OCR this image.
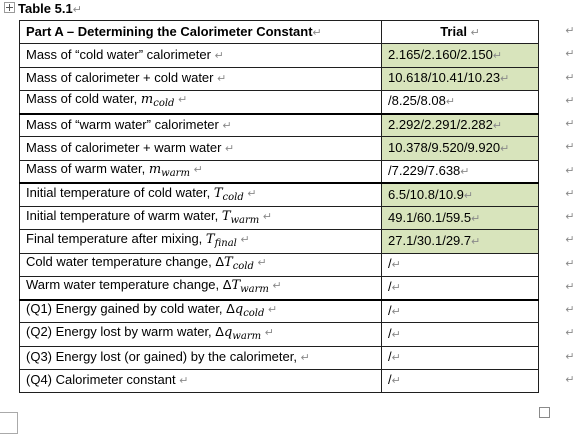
Table 5.1↵
Part A – Determining the Calorimeter Constant↵	Trial ↵
Mass of “cold water” calorimeter ↵	2.165/2.160/2.150↵
Mass of calorimeter + cold water ↵	10.618/10.41/10.23↵
Mass of cold water, $m_{cold}$ ↵	/8.25/8.08↵
Mass of “warm water” calorimeter ↵	2.292/2.291/2.282↵
Mass of calorimeter + warm water ↵	10.378/9.520/9.920↵
Mass of warm water, $m_{warm}$ ↵	/7.229/7.638↵
Initial temperature of cold water, $T_{cold}$ ↵	6.5/10.8/10.9↵
Initial temperature of warm water, $T_{warm}$ ↵	49.1/60.1/59.5↵
Final temperature after mixing, $T_{final}$ ↵	27.1/30.1/29.7↵
Cold water temperature change, $\Delta T_{cold}$ ↵	/↵
Warm water temperature change, $\Delta T_{warm}$ ↵	/↵
(Q1) Energy gained by cold water, $\Delta q_{cold}$ ↵	/↵
(Q2) Energy lost by warm water, $\Delta q_{warm}$ ↵	/↵
(Q3) Energy lost (or gained) by the calorimeter, ↵	/↵
(Q4) Calorimeter constant ↵	/↵
↵
↵
↵
↵
↵
↵
↵
↵
↵
↵
↵
↵
↵
↵
↵
↵
